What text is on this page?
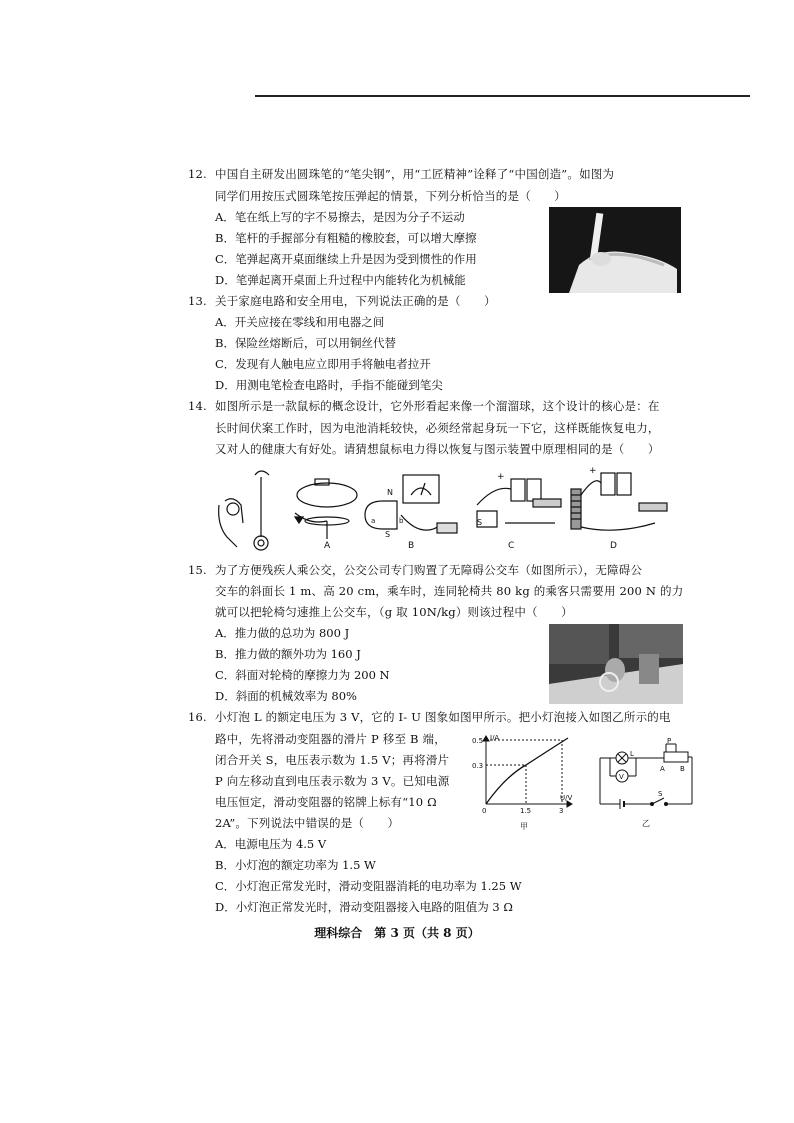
12. 中国自主研发出圆珠笔的“笔尖钢”，用“工匠精神”诠释了“中国创造”。如图为
同学们用按压式圆珠笔按压弹起的情景，下列分析恰当的是（　　）
A．笔在纸上写的字不易擦去，是因为分子不运动
B．笔杆的手握部分有粗糙的橡胶套，可以增大摩擦
C．笔弹起离开桌面继续上升是因为受到惯性的作用
D．笔弹起离开桌面上升过程中内能转化为机械能
13. 关于家庭电路和安全用电，下列说法正确的是（　　）
A．开关应接在零线和用电器之间
B．保险丝熔断后，可以用铜丝代替
C．发现有人触电应立即用手将触电者拉开
D．用测电笔检查电路时，手指不能碰到笔尖
14. 如图所示是一款鼠标的概念设计，它外形看起来像一个溜溜球，这个设计的核心是：在
长时间伏案工作时，因为电池消耗较快，必须经常起身玩一下它，这样既能恢复电力，
又对人的健康大有好处。请猜想鼠标电力得以恢复与图示装置中原理相同的是（　　）
N
S
a	b
+
S
+
A	B	C	D
15. 为了方便残疾人乘公交，公交公司专门购置了无障碍公交车（如图所示），无障碍公
交车的斜面长 1 m、高 20 cm，乘车时，连同轮椅共 80 kg 的乘客只需要用 200 N 的力
就可以把轮椅匀速推上公交车，（g 取 10N/kg）则该过程中（　　）
A．推力做的总功为 800 J
B．推力做的额外功为 160 J
C．斜面对轮椅的摩擦力为 200 N
D．斜面的机械效率为 80%
16. 小灯泡 L 的额定电压为 3 V，它的 I- U 图象如图甲所示。把小灯泡接入如图乙所示的电
路中，先将滑动变阻器的滑片 P 移至 B 端，
闭合开关 S，电压表示数为 1.5 V；再将滑片
P 向左移动直到电压表示数为 3 V。已知电源
电压恒定，滑动变阻器的铭牌上标有“10 Ω
2A”。下列说法中错误的是（　　）
A．电源电压为 4.5 V
B．小灯泡的额定功率为 1.5 W
C．小灯泡正常发光时，滑动变阻器消耗的电功率为 1.25 W
D．小灯泡正常发光时，滑动变阻器接入电路的阻值为 3 Ω
I/A
U/V
0.5
0.3
0	1.5	3
甲
L
P
A B
V
S
乙
理科综合　第 3 页（共 8 页）
